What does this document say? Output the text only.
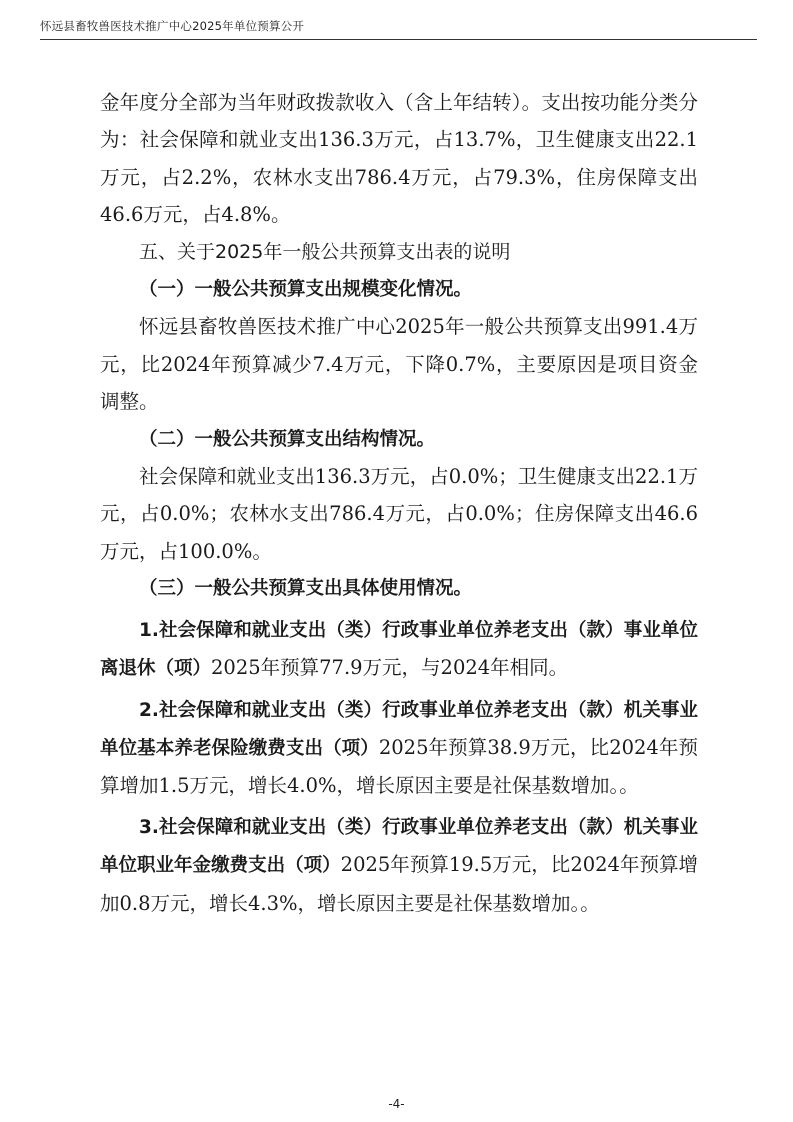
怀远县畜牧兽医技术推广中心2025年单位预算公开

金年度分全部为当年财政拨款收入（含上年结转）。支出按功能分类分为：社会保障和就业支出136.3万元，占13.7%，卫生健康支出22.1万元，占2.2%，农林水支出786.4万元，占79.3%，住房保障支出46.6万元，占4.8%。

五、关于2025年一般公共预算支出表的说明

（一）一般公共预算支出规模变化情况。

怀远县畜牧兽医技术推广中心2025年一般公共预算支出991.4万元，比2024年预算减少7.4万元，下降0.7%，主要原因是项目资金调整。

（二）一般公共预算支出结构情况。

社会保障和就业支出136.3万元，占0.0%；卫生健康支出22.1万元，占0.0%；农林水支出786.4万元，占0.0%；住房保障支出46.6万元，占100.0%。

（三）一般公共预算支出具体使用情况。

1.社会保障和就业支出（类）行政事业单位养老支出（款）事业单位离退休（项）2025年预算77.9万元，与2024年相同。

2.社会保障和就业支出（类）行政事业单位养老支出（款）机关事业单位基本养老保险缴费支出（项）2025年预算38.9万元，比2024年预算增加1.5万元，增长4.0%，增长原因主要是社保基数增加。。

3.社会保障和就业支出（类）行政事业单位养老支出（款）机关事业单位职业年金缴费支出（项）2025年预算19.5万元，比2024年预算增加0.8万元，增长4.3%，增长原因主要是社保基数增加。。

-4-
